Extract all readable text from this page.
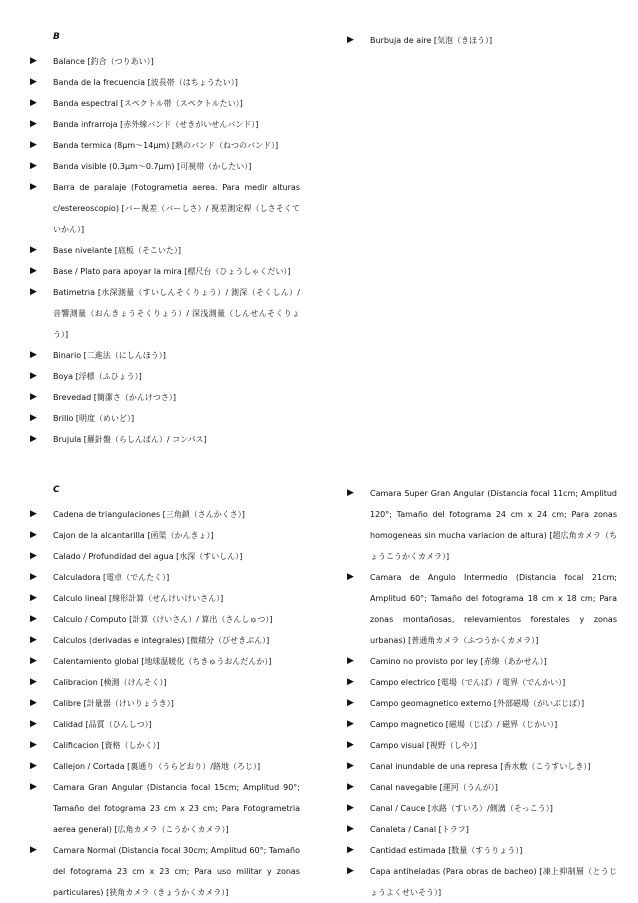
B
▶ Balance [釣合（つりあい）]
▶ Banda de la frecuencia [波長帯（はちょうたい）]
▶ Banda espectral [スペクトル帯（スペクトルたい）]
▶ Banda infrarroja [赤外線バンド（せきがいせんバンド）]
▶ Banda termica (8μm〜14μm) [熱のバンド（ねつのバンド）]
▶ Banda visible (0.3μm〜0.7μm) [可視帯（かしたい）]
▶ Barra de paralaje (Fotogrametia aerea. Para medir alturas c/estereoscopio) [バー視差（バーしさ）/ 視差測定桿（しさそくていかん）]
▶ Base nivelante [底板（そこいた）]
▶ Base / Plato para apoyar la mira [標尺台（ひょうしゃくだい）]
▶ Batimetria [水深測量（すいしんそくりょう）/ 測深（そくしん）/ 音響測量（おんきょうそくりょう）/ 深浅測量（しんせんそくりょう）]
▶ Binario [二進法（にしんほう）]
▶ Boya [浮標（ふひょう）]
▶ Brevedad [簡潔さ（かんけつさ）]
▶ Brillo [明度（めいど）]
▶ Brujula [羅針盤（らしんばん）/ コンパス]
▶ Burbuja de aire [気泡（きほう）]
C
▶ Cadena de triangulaciones [三角鎖（さんかくさ）]
▶ Cajon de la alcantarilla [函渠（かんきょ）]
▶ Calado / Profundidad del agua [水深（すいしん）]
▶ Calculadora [電卓（でんたく）]
▶ Calculo lineal [線形計算（せんけいけいさん）]
▶ Calculo / Computo [計算（けいさん）/ 算出（さんしゅつ）]
▶ Calculos (derivadas e integrales) [微積分（びせきぶん）]
▶ Calentamiento global [地球温暖化（ちきゅうおんだんか）]
▶ Calibracion [検測（けんそく）]
▶ Calibre [計量器（けいりょうき）]
▶ Calidad [品質（ひんしつ）]
▶ Calificacion [資格（しかく）]
▶ Callejon / Cortada [裏通り（うらどおり）/路地（ろじ）]
▶ Camara Gran Angular (Distancia focal 15cm; Amplitud 90°; Tamaño del fotograma 23 cm x 23 cm; Para Fotogrametria aerea general) [広角カメラ（こうかくカメラ）]
▶ Camara Normal (Distancia focal 30cm; Amplitud 60°; Tamaño del fotograma 23 cm x 23 cm; Para uso militar y zonas particulares) [狭角カメラ（きょうかくカメラ）]
▶ Camara Super Gran Angular (Distancia focal 11cm; Amplitud 120°; Tamaño del fotograma 24 cm x 24 cm; Para zonas homogeneas sin mucha variacion de altura) [超広角カメラ（ちょうこうかくカメラ）]
▶ Camara de Angulo Intermedio (Distancia focal 21cm; Amplitud 60°; Tamaño del fotograma 18 cm x 18 cm; Para zonas montañosas, relevamientos forestales y zonas urbanas) [普通角カメラ（ふつうかくカメラ）]
▶ Camino no provisto por ley [赤線（あかせん）]
▶ Campo electrico [電場（でんば）/ 電界（でんかい）]
▶ Campo geomagnetico externo [外部磁場（がいぶじば）]
▶ Campo magnetico [磁場（じば）/ 磁界（じかい）]
▶ Campo visual [視野（しや）]
▶ Canal inundable de una represa [香水敷（こうすいしき）]
▶ Canal navegable [運河（うんが）]
▶ Canal / Cauce [水路（すいろ）/側溝（そっこう）]
▶ Canaleta / Canal [トラフ]
▶ Cantidad estimada [数量（すうりょう）]
▶ Capa antiheladas (Para obras de bacheo) [凍上抑制層（とうじょうよくせいそう）]
